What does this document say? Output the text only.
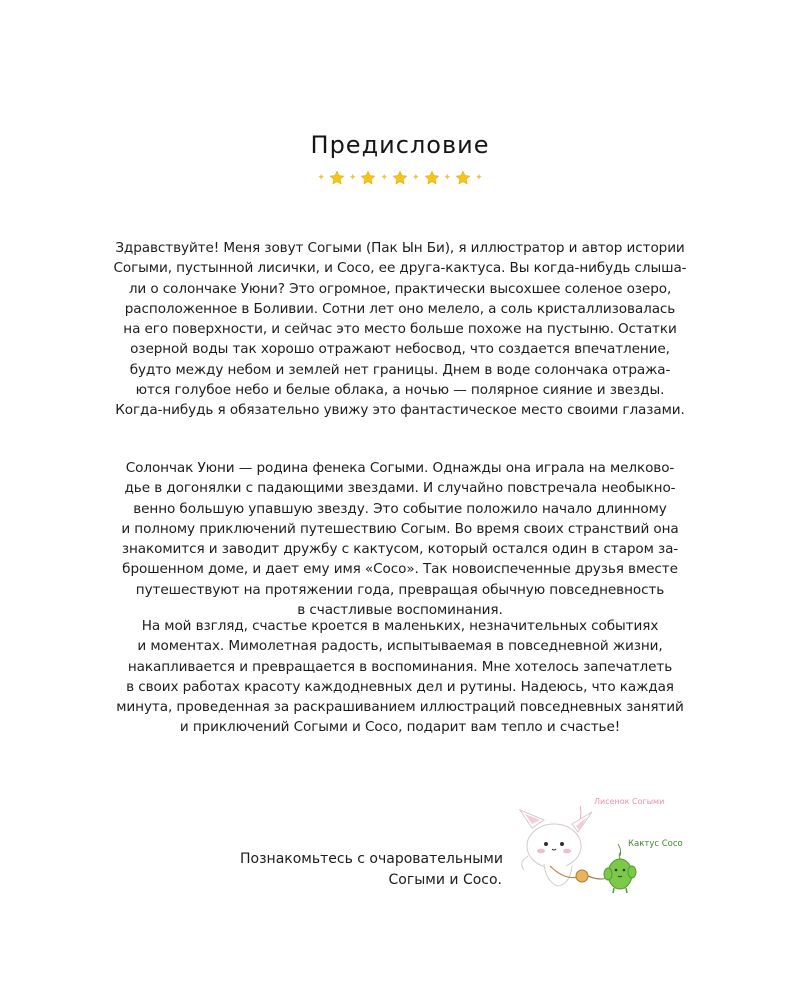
Предисловие
✦	✦	✦	✦	✦	✦
Здравствуйте! Меня зовут Согыми (Пак Ын Би), я иллюстратор и автор истории
Согыми, пустынной лисички, и Сосо, ее друга-кактуса. Вы когда-нибудь слыша-
ли о солончаке Уюни? Это огромное, практически высохшее соленое озеро,
расположенное в Боливии. Сотни лет оно мелело, а соль кристаллизовалась
на его поверхности, и сейчас это место больше похоже на пустыню. Остатки
озерной воды так хорошо отражают небосвод, что создается впечатление,
будто между небом и землей нет границы. Днем в воде солончака отража-
ются голубое небо и белые облака, а ночью — полярное сияние и звезды.
Когда-нибудь я обязательно увижу это фантастическое место своими глазами.
Солончак Уюни — родина фенека Согыми. Однажды она играла на мелково-
дье в догонялки с падающими звездами. И случайно повстречала необыкно-
венно большую упавшую звезду. Это событие положило начало длинному
и полному приключений путешествию Согым. Во время своих странствий она
знакомится и заводит дружбу с кактусом, который остался один в старом за-
брошенном доме, и дает ему имя «Сосо». Так новоиспеченные друзья вместе
путешествуют на протяжении года, превращая обычную повседневность
в счастливые воспоминания.
На мой взгляд, счастье кроется в маленьких, незначительных событиях
и моментах. Мимолетная радость, испытываемая в повседневной жизни,
накапливается и превращается в воспоминания. Мне хотелось запечатлеть
в своих работах красоту каждодневных дел и рутины. Надеюсь, что каждая
минута, проведенная за раскрашиванием иллюстраций повседневных занятий
и приключений Согыми и Сосо, подарит вам тепло и счастье!
Познакомьтесь с очаровательными
Согыми и Сосо.
Лисенок Согыми
Кактус Сосо
